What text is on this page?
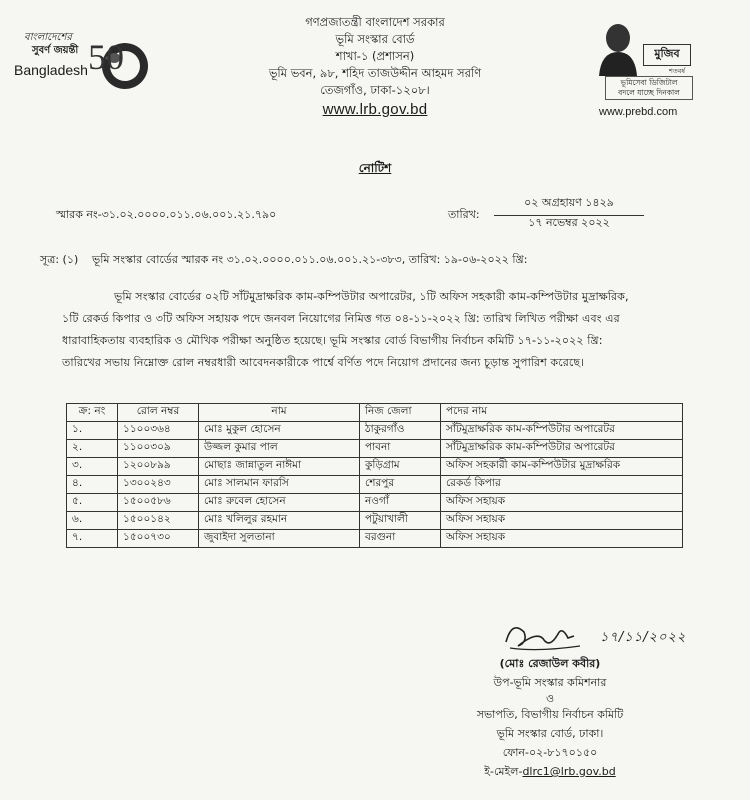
বাংলাদেশের
সুবর্ণ জয়ন্তী
Bangladesh 50
গণপ্রজাতন্ত্রী বাংলাদেশ সরকার
ভূমি সংস্কার বোর্ড
শাখা-১ (প্রশাসন)
ভূমি ভবন, ৯৮, শহিদ তাজউদ্দীন আহমদ সরণি
তেজগাঁও, ঢাকা-১২০৮।
www.lrb.gov.bd
মুজিব
শতবর্ষ
ভূমিসেবা ডিজিটাল
বদলে যাচ্ছে দিনকাল
www.prebd.com
নোটিশ
স্মারক নং-৩১.০২.০০০০.০১১.০৬.০০১.২১.৭৯০	তারিখ:
০২ অগ্রহায়ণ ১৪২৯
১৭ নভেম্বর ২০২২
সূত্র: (১) ভূমি সংস্কার বোর্ডের স্মারক নং ৩১.০২.০০০০.০১১.০৬.০০১.২১-৩৮৩, তারিখ: ১৯-০৬-২০২২ খ্রি:
ভূমি সংস্কার বোর্ডের ০২টি সাঁটমুদ্রাক্ষরিক কাম-কম্পিউটার অপারেটর, ১টি অফিস সহকারী কাম-কম্পিউটার মুদ্রাক্ষরিক,
১টি রেকর্ড কিপার ও ৩টি অফিস সহায়ক পদে জনবল নিয়োগের নিমিত্ত গত ০৪-১১-২০২২ খ্রি: তারিখ লিখিত পরীক্ষা এবং এর
ধারাবাহিকতায় ব্যবহারিক ও মৌখিক পরীক্ষা অনুষ্ঠিত হয়েছে। ভূমি সংস্কার বোর্ড বিভাগীয় নির্বাচন কমিটি ১৭-১১-২০২২ খ্রি:
তারিখের সভায় নিম্নোক্ত রোল নম্বরধারী আবেদনকারীকে পার্শ্বে বর্ণিত পদে নিয়োগ প্রদানের জন্য চূড়ান্ত সুপারিশ করেছে।
ক্র: নং	রোল নম্বর	নাম	নিজ জেলা	পদের নাম
১.	১১০০৩৬৪	মোঃ মুকুল হোসেন	ঠাকুরগাঁও	সাঁটমুদ্রাক্ষরিক কাম-কম্পিউটার অপারেটর
২.	১১০০৩০৯	উজ্জল কুমার পাল	পাবনা	সাঁটমুদ্রাক্ষরিক কাম-কম্পিউটার অপারেটর
৩.	১২০০৮৯৯	মোছাঃ জান্নাতুল নাঈমা	কুড়িগ্রাম	অফিস সহকারী কাম-কম্পিউটার মুদ্রাক্ষরিক
৪.	১৩০০২৪৩	মোঃ সালমান ফারসি	শেরপুর	রেকর্ড কিপার
৫.	১৫০০৫৮৬	মোঃ রুবেল হোসেন	নওগাঁ	অফিস সহায়ক
৬.	১৫০০১৪২	মোঃ খলিলুর রহমান	পটুয়াখালী	অফিস সহায়ক
৭.	১৫০০৭৩০	জুবাইদা সুলতানা	বরগুনা	অফিস সহায়ক
১৭/১১/২০২২
(মোঃ রেজাউল কবীর)
উপ-ভূমি সংস্কার কমিশনার
ও
সভাপতি, বিভাগীয় নির্বাচন কমিটি
ভূমি সংস্কার বোর্ড, ঢাকা।
ফোন-০২-৮১৭০১৫০
ই-মেইল-dlrc1@lrb.gov.bd
